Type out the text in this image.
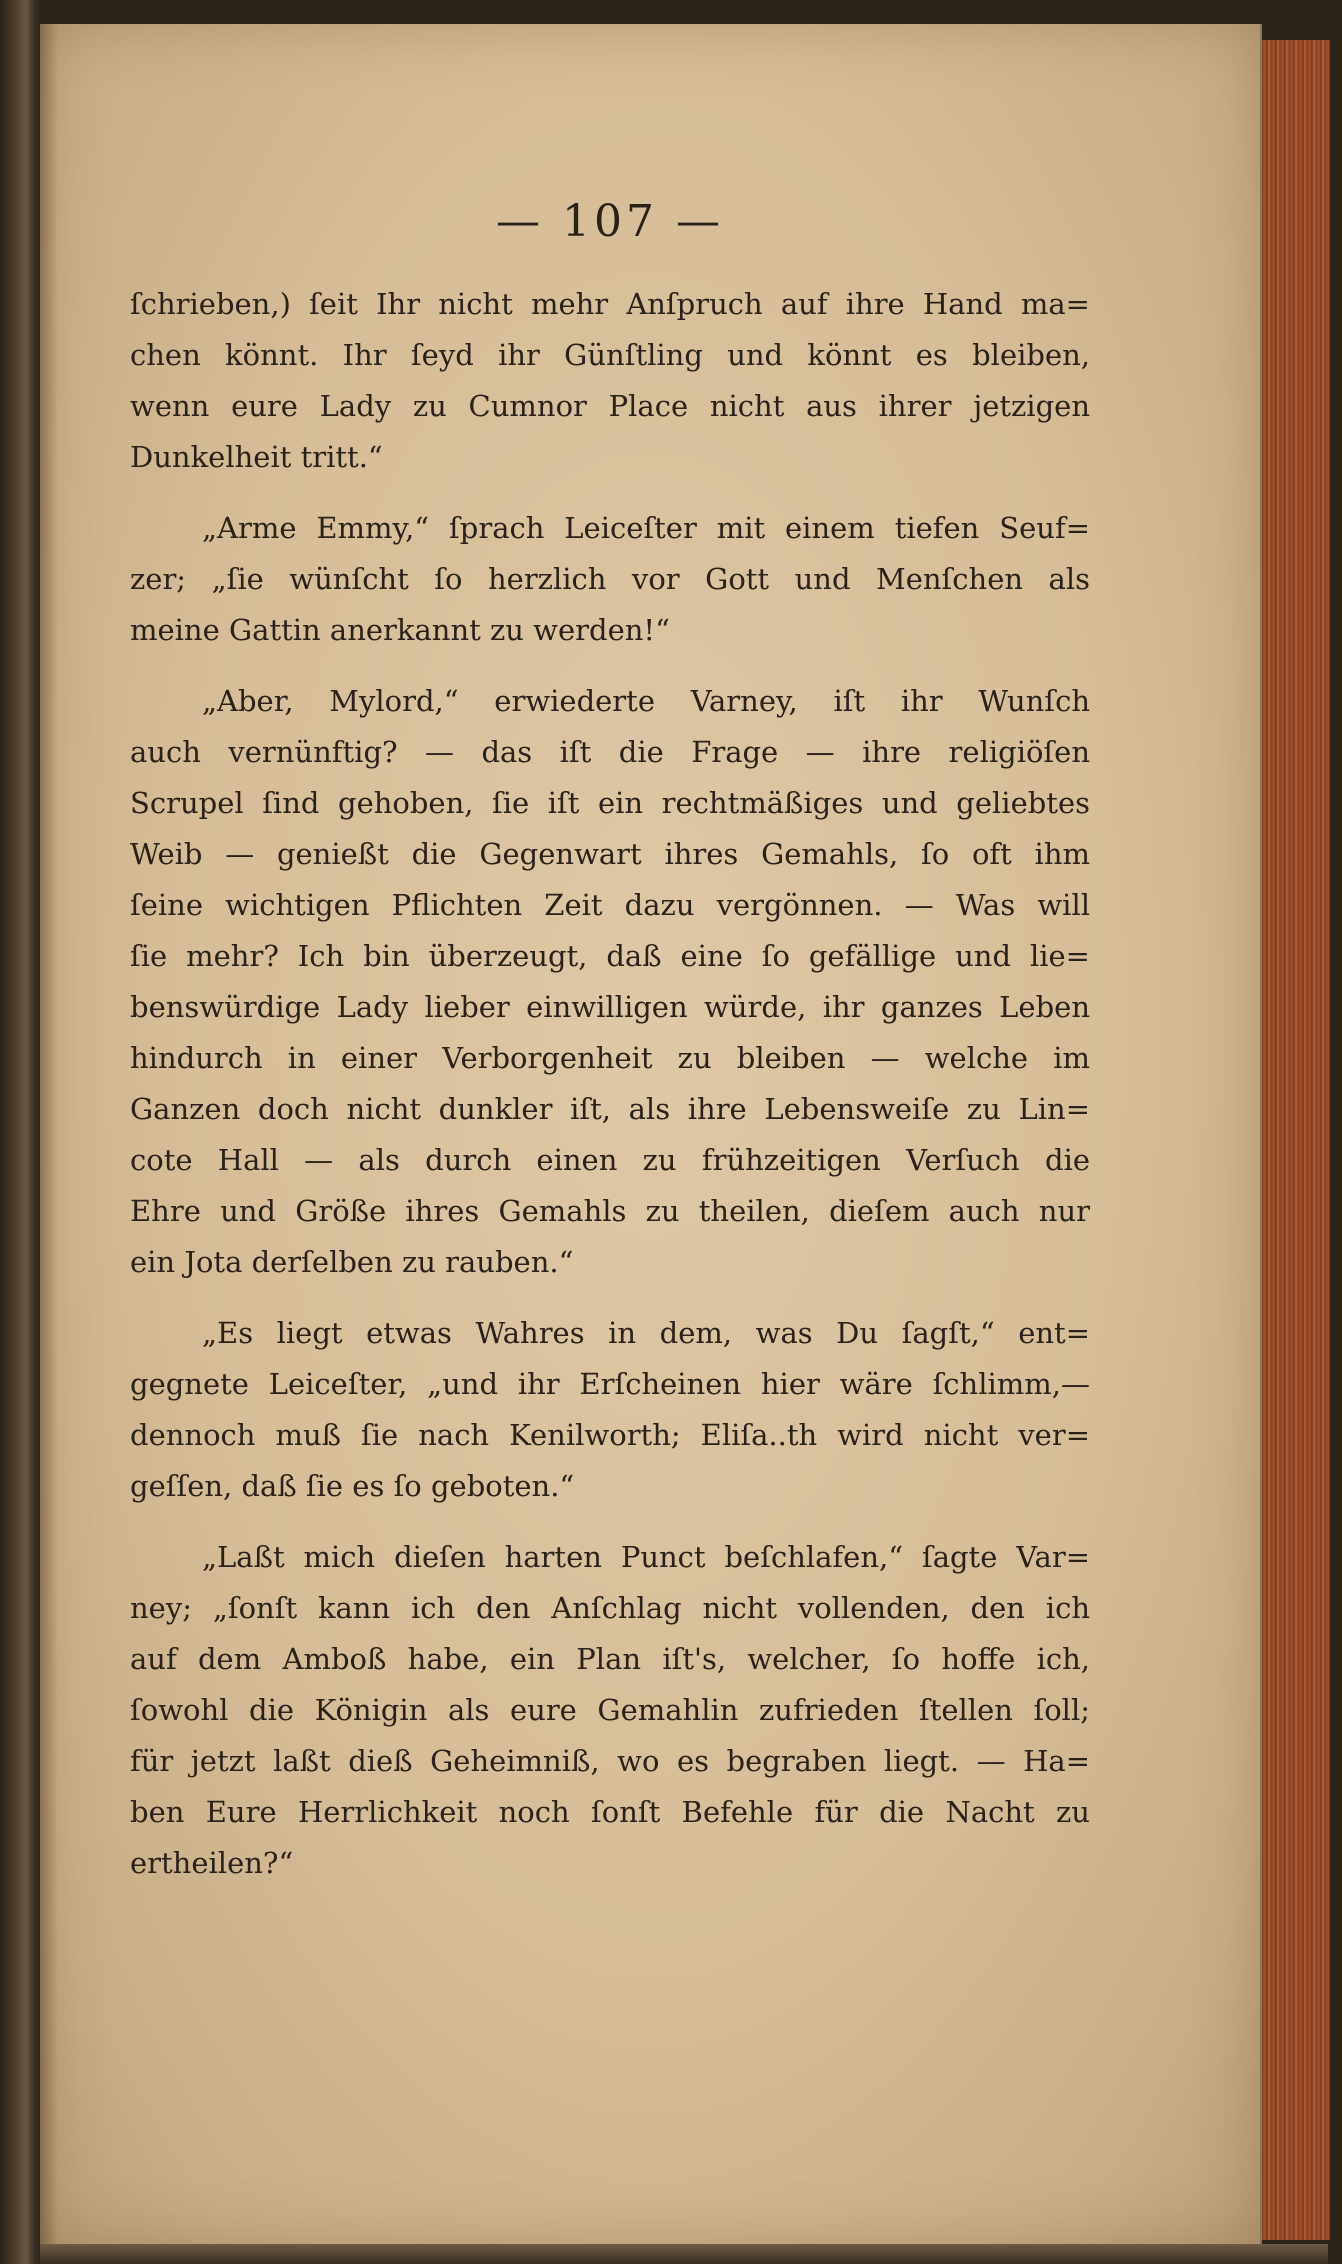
— 107 —
ſchrieben,) ſeit Ihr nicht mehr Anſpruch auf ihre Hand ma=
chen könnt. Ihr ſeyd ihr Günſtling und könnt es bleiben,
wenn eure Lady zu Cumnor Place nicht aus ihrer jetzigen
Dunkelheit tritt.“
„Arme Emmy,“ ſprach Leiceſter mit einem tiefen Seuf=
zer; „ſie wünſcht ſo herzlich vor Gott und Menſchen als
meine Gattin anerkannt zu werden!“
„Aber, Mylord,“ erwiederte Varney, iſt ihr Wunſch
auch vernünftig? — das iſt die Frage — ihre religiöſen
Scrupel ſind gehoben, ſie iſt ein rechtmäßiges und geliebtes
Weib — genießt die Gegenwart ihres Gemahls, ſo oft ihm
ſeine wichtigen Pflichten Zeit dazu vergönnen. — Was will
ſie mehr? Ich bin überzeugt, daß eine ſo gefällige und lie=
benswürdige Lady lieber einwilligen würde, ihr ganzes Leben
hindurch in einer Verborgenheit zu bleiben — welche im
Ganzen doch nicht dunkler iſt, als ihre Lebensweiſe zu Lin=
cote Hall — als durch einen zu frühzeitigen Verſuch die
Ehre und Größe ihres Gemahls zu theilen, dieſem auch nur
ein Jota derſelben zu rauben.“
„Es liegt etwas Wahres in dem, was Du ſagſt,“ ent=
gegnete Leiceſter, „und ihr Erſcheinen hier wäre ſchlimm,—
dennoch muß ſie nach Kenilworth; Eliſa..th wird nicht ver=
geſſen, daß ſie es ſo geboten.“
„Laßt mich dieſen harten Punct beſchlafen,“ ſagte Var=
ney; „ſonſt kann ich den Anſchlag nicht vollenden, den ich
auf dem Amboß habe, ein Plan iſt's, welcher, ſo hoffe ich,
ſowohl die Königin als eure Gemahlin zufrieden ſtellen ſoll;
für jetzt laßt dieß Geheimniß, wo es begraben liegt. — Ha=
ben Eure Herrlichkeit noch ſonſt Befehle für die Nacht zu
ertheilen?“
